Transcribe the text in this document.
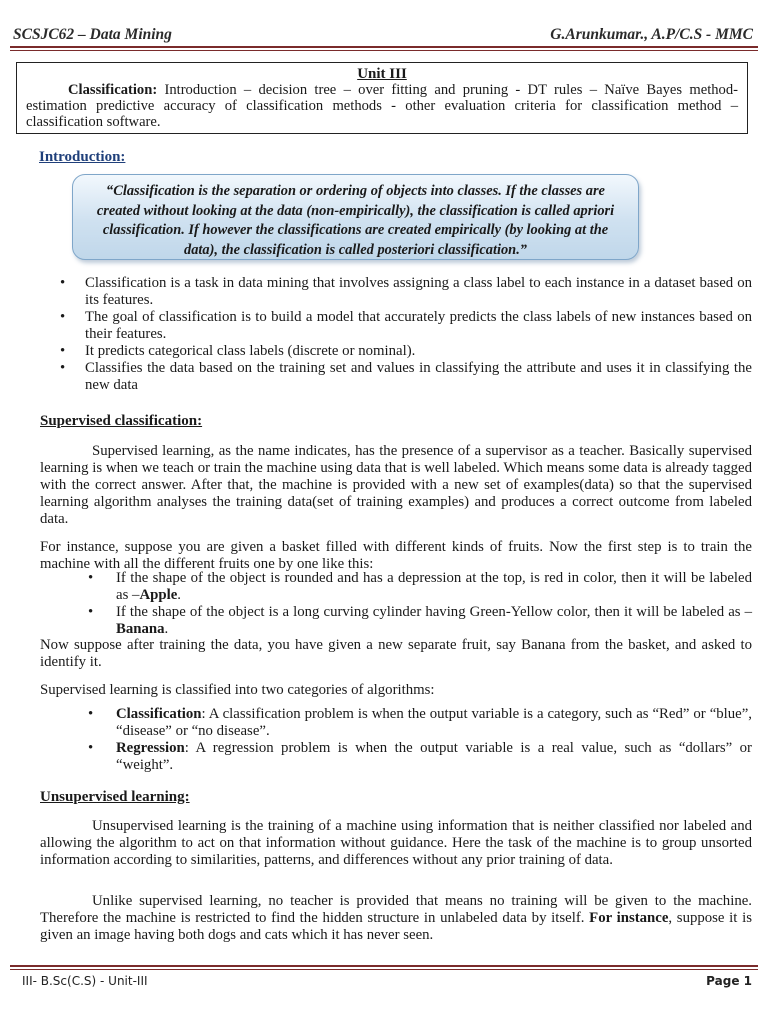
SCSJC62 – Data Mining	G.Arunkumar., A.P/C.S - MMC
Unit III
Classification: Introduction – decision tree – over fitting and pruning - DT rules – Naïve Bayes method- estimation predictive accuracy of classification methods - other evaluation criteria for classification method – classification software.
Introduction:
“Classification is the separation or ordering of objects into classes. If the classes are created without looking at the data (non-empirically), the classification is called apriori classification. If however the classifications are created empirically (by looking at the data), the classification is called posteriori classification.”
• Classification is a task in data mining that involves assigning a class label to each instance in a dataset based on its features.
• The goal of classification is to build a model that accurately predicts the class labels of new instances based on their features.
• It predicts categorical class labels (discrete or nominal).
• Classifies the data based on the training set and values in classifying the attribute and uses it in classifying the new data
Supervised classification:

Supervised learning, as the name indicates, has the presence of a supervisor as a teacher. Basically supervised learning is when we teach or train the machine using data that is well labeled. Which means some data is already tagged with the correct answer. After that, the machine is provided with a new set of examples(data) so that the supervised learning algorithm analyses the training data(set of training examples) and produces a correct outcome from labeled data.

For instance, suppose you are given a basket filled with different kinds of fruits. Now the first step is to train the machine with all the different fruits one by one like this:

• If the shape of the object is rounded and has a depression at the top, is red in color, then it will be labeled as –Apple.
• If the shape of the object is a long curving cylinder having Green-Yellow color, then it will be labeled as –Banana.

Now suppose after training the data, you have given a new separate fruit, say Banana from the basket, and asked to identify it.

Supervised learning is classified into two categories of algorithms:

• Classification: A classification problem is when the output variable is a category, such as “Red” or “blue”, “disease” or “no disease”.
• Regression: A regression problem is when the output variable is a real value, such as “dollars” or “weight”.
Unsupervised learning:

Unsupervised learning is the training of a machine using information that is neither classified nor labeled and allowing the algorithm to act on that information without guidance. Here the task of the machine is to group unsorted information according to similarities, patterns, and differences without any prior training of data.

Unlike supervised learning, no teacher is provided that means no training will be given to the machine. Therefore the machine is restricted to find the hidden structure in unlabeled data by itself. For instance, suppose it is given an image having both dogs and cats which it has never seen.

III- B.Sc(C.S) - Unit-III	Page 1
